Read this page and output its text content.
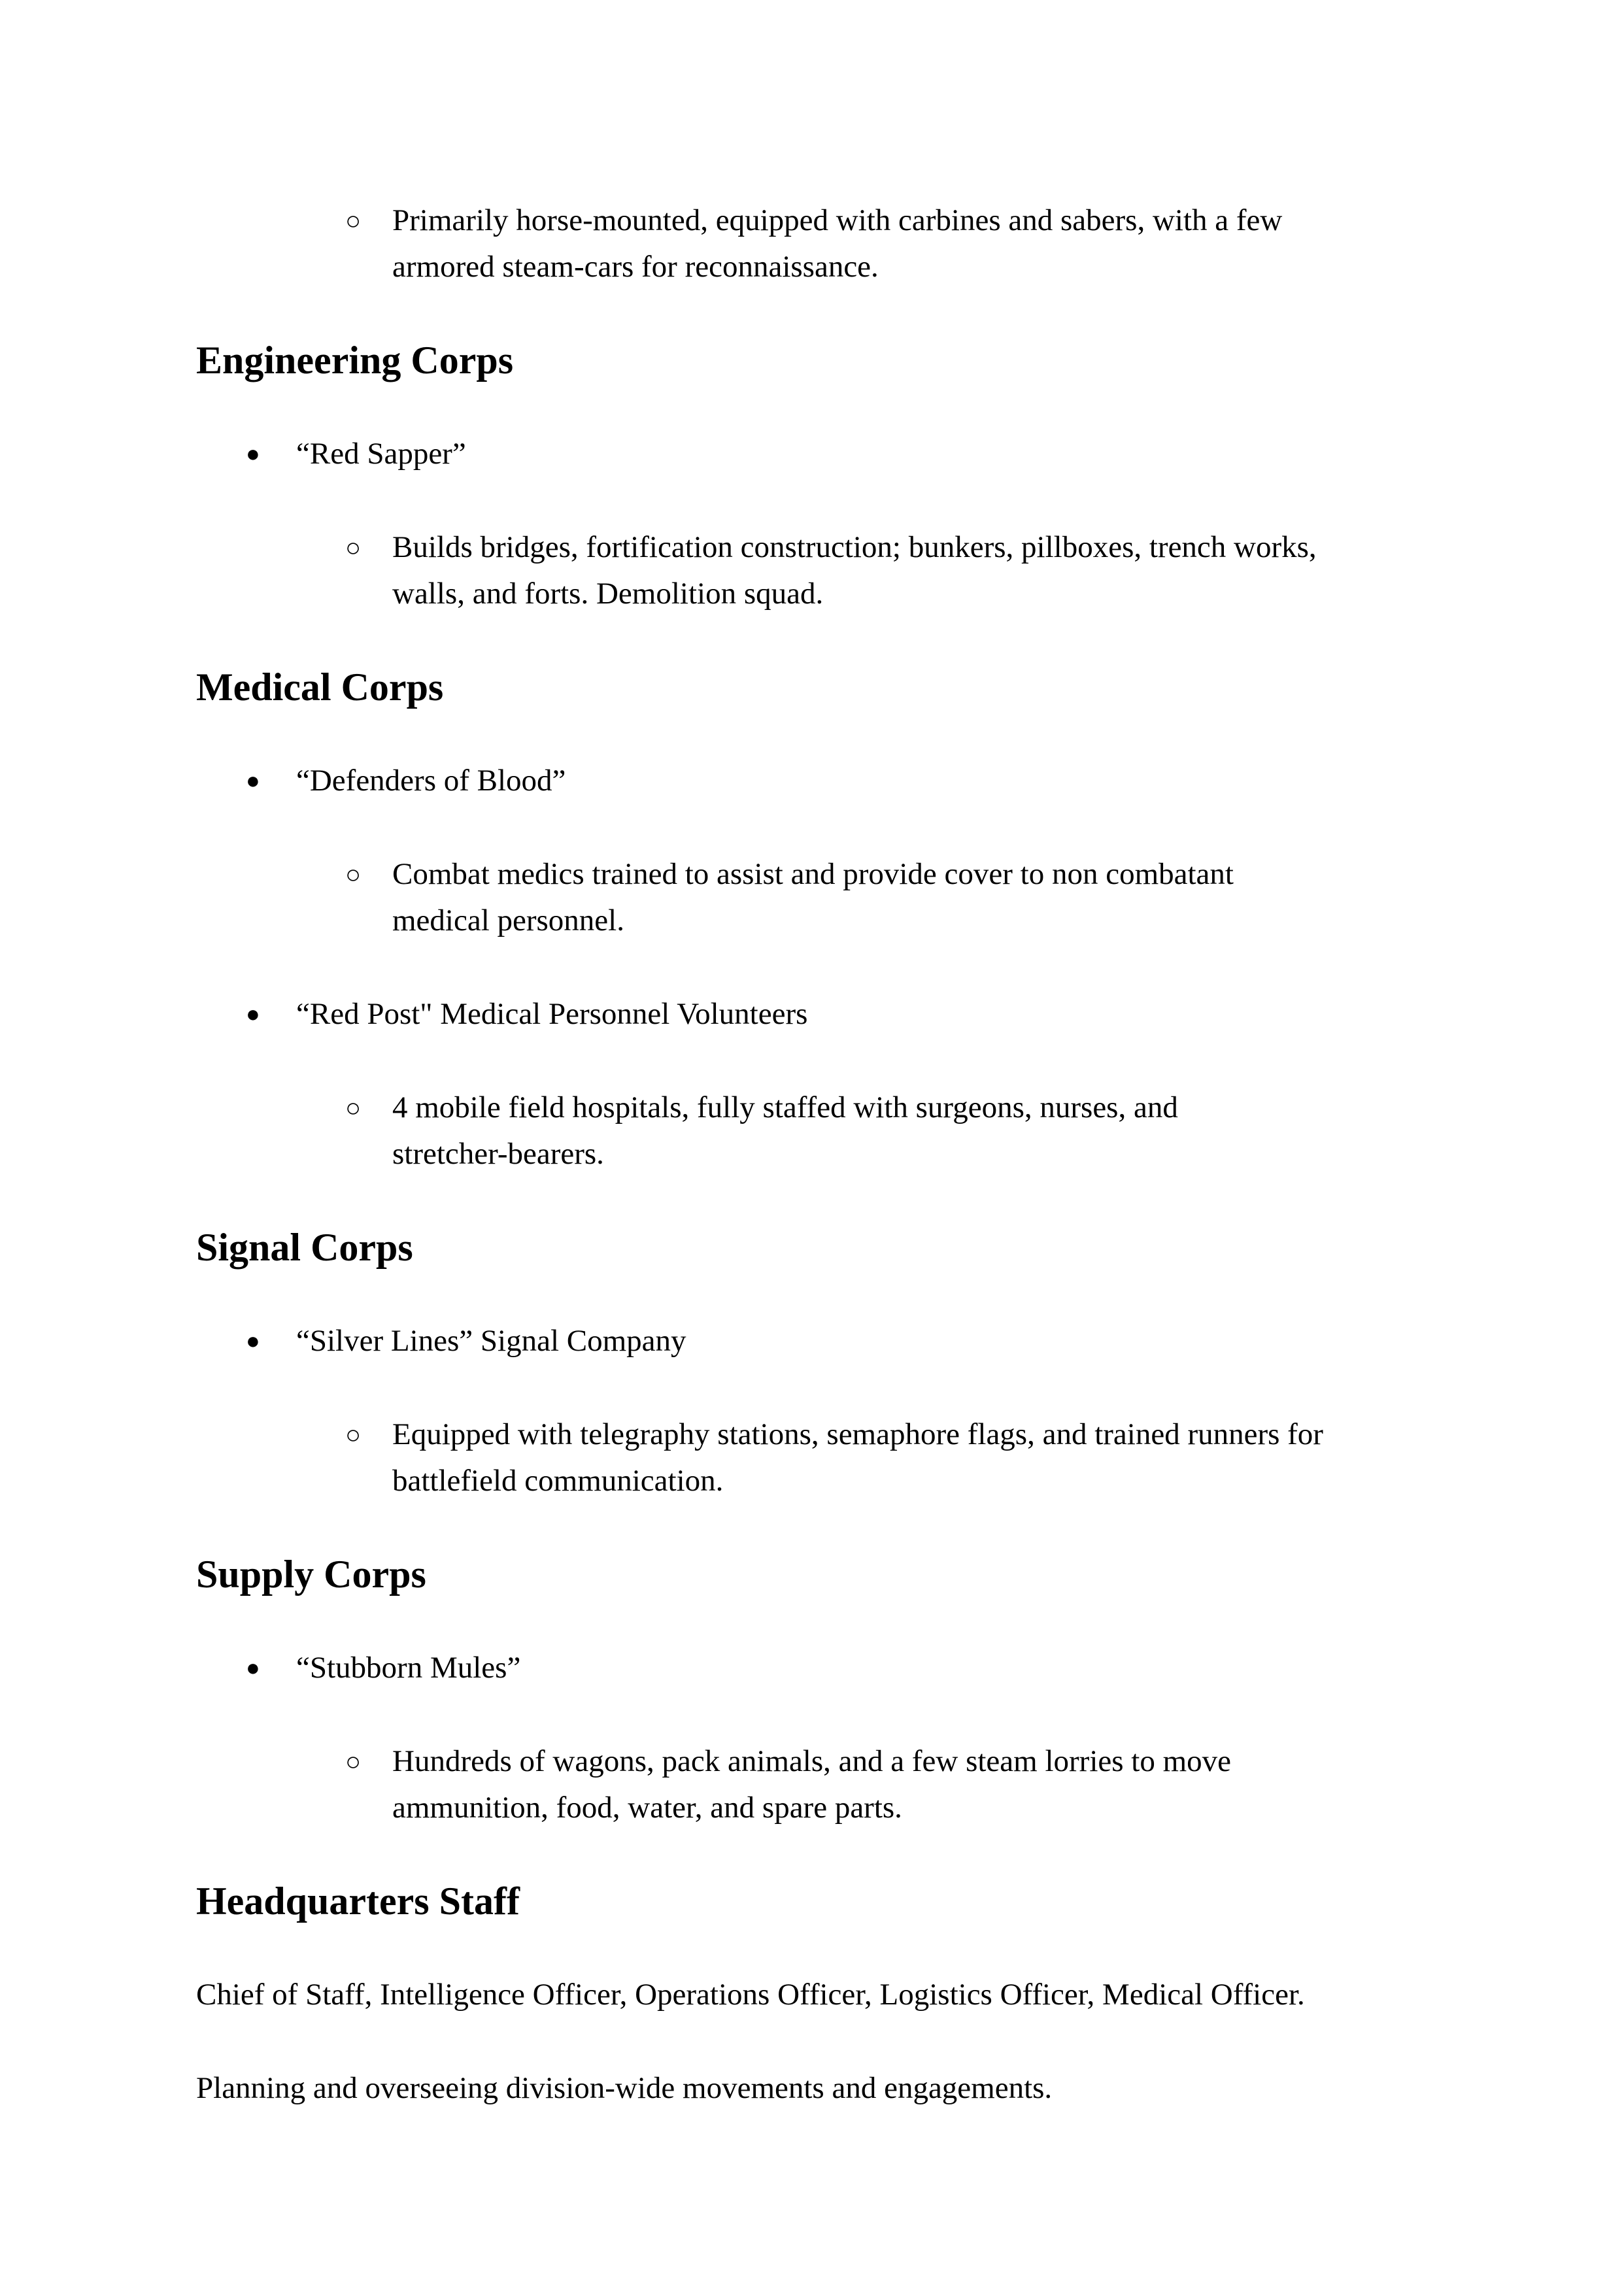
○	Primarily horse-mounted, equipped with carbines and sabers, with a few
armored steam-cars for reconnaissance.
Engineering Corps
●	“Red Sapper”
○	Builds bridges, fortification construction; bunkers, pillboxes, trench works,
walls, and forts. Demolition squad.
Medical Corps
●	“Defenders of Blood”
○	Combat medics trained to assist and provide cover to non combatant
medical personnel.
●	“Red Post" Medical Personnel Volunteers
○	4 mobile field hospitals, fully staffed with surgeons, nurses, and
stretcher-bearers.
Signal Corps
●	“Silver Lines” Signal Company
○	Equipped with telegraphy stations, semaphore flags, and trained runners for
battlefield communication.
Supply Corps
●	“Stubborn Mules”
○	Hundreds of wagons, pack animals, and a few steam lorries to move
ammunition, food, water, and spare parts.
Headquarters Staff
Chief of Staff, Intelligence Officer, Operations Officer, Logistics Officer, Medical Officer.
Planning and overseeing division-wide movements and engagements.
